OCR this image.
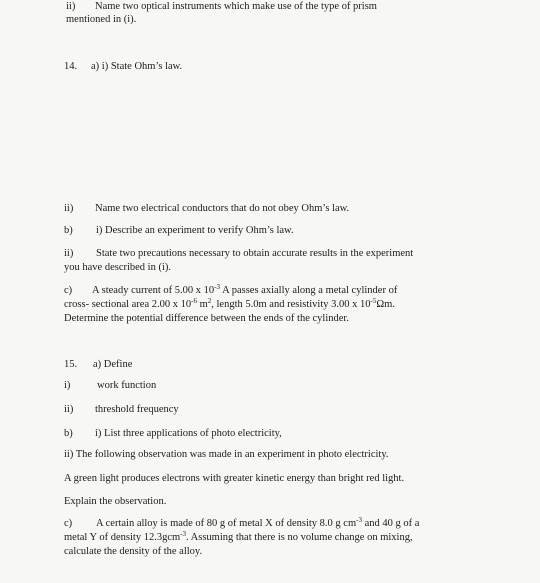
ii) Name two optical instruments which make use of the type of prism
mentioned in (i).
14. a) i) State Ohm’s law.
ii) Name two electrical conductors that do not obey Ohm’s law.
b) i) Describe an experiment to verify Ohm’s law.
ii) State two precautions necessary to obtain accurate results in the experiment
you have described in (i).
c) A steady current of 5.00 x $10^{-3}$ A passes axially along a metal cylinder of
cross- sectional area 2.00 x $10^{-6}$ $m^2$, length 5.0m and resistivity 3.00 x $10^{-5}\Omega m$.
Determine the potential difference between the ends of the cylinder.
15. a) Define
i)	work function
ii) threshold frequency
b) i) List three applications of photo electricity,
ii) The following observation was made in an experiment in photo electricity.
A green light produces electrons with greater kinetic energy than bright red light.
Explain the observation.
c) A certain alloy is made of 80 g of metal X of density 8.0 g $cm^{-3}$ and 40 g of a
metal Y of density 12.3gcm$^{-3}$. Assuming that there is no volume change on mixing,
calculate the density of the alloy.
